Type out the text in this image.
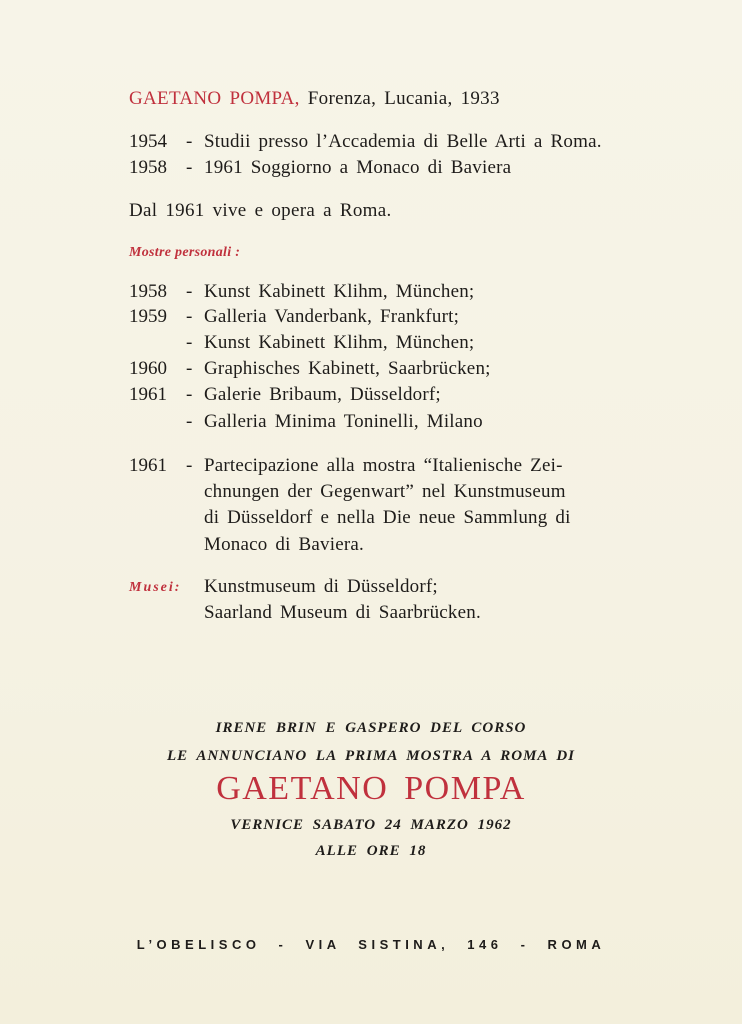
GAETANO POMPA, Forenza, Lucania, 1933
1954 - Studii presso l’Accademia di Belle Arti a Roma.
1958 - 1961 Soggiorno a Monaco di Baviera
Dal 1961 vive e opera a Roma.
Mostre personali :
1958 - Kunst Kabinett Klihm, München;
1959 - Galleria Vanderbank, Frankfurt;
- Kunst Kabinett Klihm, München;
1960 - Graphisches Kabinett, Saarbrücken;
1961 - Galerie Bribaum, Düsseldorf;
- Galleria Minima Toninelli, Milano
1961 - Partecipazione alla mostra “Italienische Zei-
chnungen der Gegenwart” nel Kunstmuseum
di Düsseldorf e nella Die neue Sammlung di
Monaco di Baviera.
Musei: Kunstmuseum di Düsseldorf;
Saarland Museum di Saarbrücken.
IRENE BRIN E GASPERO DEL CORSO
LE ANNUNCIANO LA PRIMA MOSTRA A ROMA DI
GAETANO POMPA
VERNICE SABATO 24 MARZO 1962
ALLE ORE 18
L’OBELISCO - VIA SISTINA, 146 - ROMA
